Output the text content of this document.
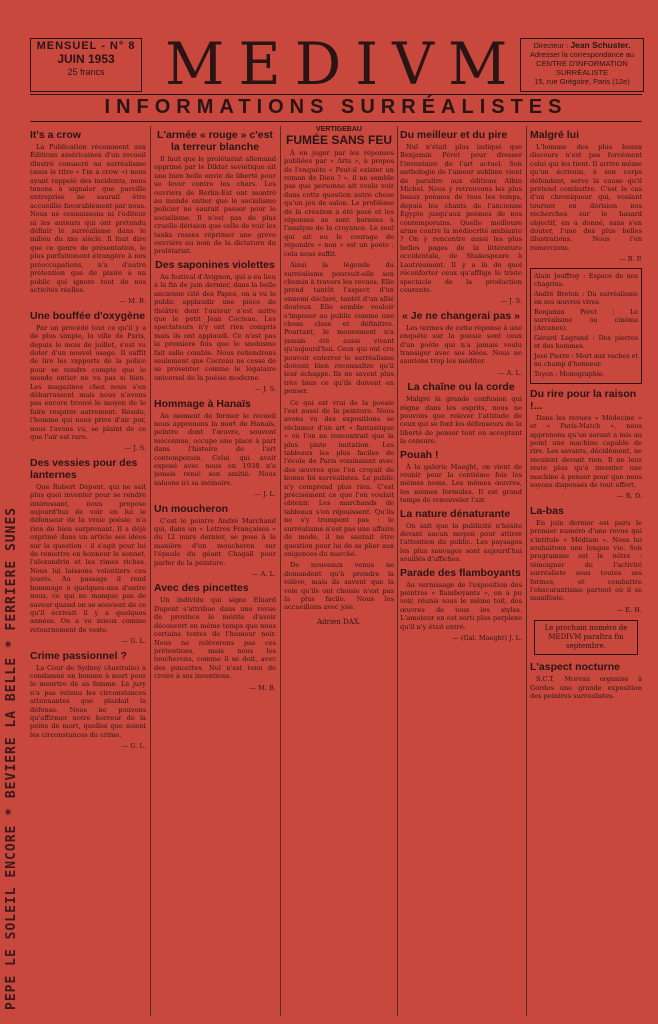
PÉPÉ LE SOLEIL ENCORE * BÉVIÈRE LA BELLE * FERRIÈRE SUNES
MENSUEL - N° 8
JUIN 1953
25 francs	MEDIVM	Directeur : Jean Schuster.
Adresser la correspondance au
CENTRE D'INFORMATION
SURRÉALISTE
15, rue Grégoire, Paris (12e)
INFORMATIONS SURRÉALISTES
It's a crow

La Publication récemment aux Éditions américaines d'un recueil illustré consacré au surréalisme (sous le titre « I'm a crow ») nous ayant rappelé des incidents, nous tenons à signaler que pareille entreprise ne saurait être accueillie favorablement par nous. Nous ne connaissons ni l'éditeur ni les auteurs qui ont prétendu définir le surréalisme dans le milieu du xxe siècle. Il faut dire que ce genre de présentation, le plus parfaitement étrangère à nos préoccupations, n'a d'autre prétention que de plaire à un public qui ignore tout de nos activités réelles.

— M. B.
Une bouffée d'oxygène

Par un procédé tout ce qu'il y a de plus simple, la ville de Paris, depuis le mois de juillet, s'est vu doter d'un nouvel usage. Il suffit de lire les rapports de la police pour se rendre compte que le monde entier ne va pas si bien. Les magazines chez nous s'en débarrassent mais nous n'avons pas encore trouvé le moyen de le faire respirer autrement. Résolu, l'homme qui nous prive d'air pur, nous l'avons vu, se plaint de ce que l'air est rare.

— J. S.
Des vessies pour des lanternes

Que Robert Dépont, qui ne sait plus quoi inventer pour se rendre intéressant, nous propose aujourd'hui de voir en lui le défenseur de la vraie poésie, n'a rien de bien surprenant. Il a déjà exprimé dans un article ses idées sur la question : il s'agit pour lui de remettre en honneur le sonnet, l'alexandrin et les rimes riches. Nous lui laissons volontiers ces jouets. Au passage il rend hommage à quelques-uns d'entre nous, ce qui ne manque pas de saveur quand on se souvient de ce qu'il écrivait il y a quelques années. On a vu mieux comme retournement de veste.

— G. L.
Crime passionnel ?

La Cour de Sydney (Australie) a condamné un homme à mort pour le meurtre de sa femme. Le jury n'a pas retenu les circonstances atténuantes que plaidait la défense. Nous ne pouvons qu'affirmer notre horreur de la peine de mort, quelles que soient les circonstances du crime.

— G. L.
L'armée « rouge » c'est la terreur blanche

Il faut que le prolétariat allemand opprimé par le Diktat soviétique ait une bien belle envie de liberté pour se lever contre les chars. Les ouvriers de Berlin-Est ont montré au monde entier que le socialisme policier ne saurait passer pour le socialisme. Il n'est pas de plus cruelle dérision que celle de voir les tanks russes réprimer une grève ouvrière au nom de la dictature du prolétariat.

Des saponines violettes

Au festival d'Avignon, qui a eu lieu à la fin de juin dernier, dans la belle ancienne cité des Papes, on a vu le public applaudir une pièce de théâtre dont l'auteur n'est autre que le petit Jean Cocteau. Les spectateurs n'y ont rien compris mais ils ont applaudi. Ce n'est pas la première fois que le snobisme fait salle comble. Nous retiendrons seulement que Cocteau ne cesse de se présenter comme le légataire universel de la poésie moderne.

— J. S.
Hommage à Hanaïs

Au moment de fermer le recueil nous apprenons la mort de Hanaïs, peintre dont l'œuvre, souvent méconnue, occupe une place à part dans l'histoire de l'art contemporain. Celui qui avait exposé avec nous en 1938 n'a jamais renié son amitié. Nous saluons ici sa mémoire.

— J. L.
Un moucheron

C'est le peintre André Marchand qui, dans un « Lettres Françaises » du 12 mars dernier, se pose à la manière d'un moucheron sur l'épaule du géant Chagall pour parler de la peinture.

— A. L.
Avec des pincettes

Un individu qui signe Eluard Dupont s'attribue dans une revue de province le mérite d'avoir découvert en même temps que nous certains textes de l'humour noir. Nous ne relèverons pas ces prétentions, mais nous les toucherons, comme il se doit, avec des pincettes. Nul n'est tenu de croire à ses inventions.

— M. B.
VERTIGEBAU
FUMÉE SANS FEU

À en juger par les réponses publiées par « Arts », à propos de l'enquête « Peut-il exister un roman de Dieu ? », il ne semble pas que personne ait voulu voir dans cette question autre chose qu'un jeu de salon. Le problème de la création a été posé et les réponses se sont bornées à l'analyse de la croyance. Le seul qui ait eu le courage de répondre « non » est un poète : cela nous suffit.

Ainsi la légende du surréalisme poursuit-elle son chemin à travers les revues. Elle prend tantôt l'aspect d'un ennemi déclaré, tantôt d'un allié douteux. Elle semble vouloir s'imposer au public comme une chose close et définitive. Pourtant, le mouvement n'a jamais été aussi vivant qu'aujourd'hui. Ceux qui ont cru pouvoir enterrer le surréalisme doivent bien reconnaître qu'il leur échappe. Ils ne savent plus très bien ce qu'ils doivent en penser.

Ce qui est vrai de la poésie l'est aussi de la peinture. Nous avons vu des expositions se réclamer d'un art « fantastique » où l'on ne rencontrait que la plus plate imitation. Les tableaux les plus faciles de l'école de Paris voisinaient avec des œuvres que l'on croyait de bonne foi surréalistes. Le public n'y comprend plus rien. C'est précisément ce que l'on voulait obtenir. Les marchands de tableaux s'en réjouissent. Qu'ils ne s'y trompent pas : le surréalisme n'est pas une affaire de mode, il ne saurait être question pour lui de se plier aux exigences du marché.

De nouveaux venus ne demandent qu'à prendre la relève, mais ils savent que la voie qu'ils ont choisie n'est pas la plus facile. Nous les accueillons avec joie.

Adrien DAX.
Du meilleur et du pire

Nul n'était plus indiqué que Benjamin Péret pour dresser l'inventaire de l'art actuel. Son anthologie de l'amour sublime vient de paraître aux éditions Albin Michel. Nous y retrouvons les plus beaux poèmes de tous les temps, depuis les chants de l'ancienne Égypte jusqu'aux poèmes de nos contemporains. Quelle meilleure arme contre la médiocrité ambiante ? On y rencontre aussi les plus belles pages de la littérature occidentale, de Shakespeare à Lautréamont. Il y a là de quoi réconforter ceux qu'afflige le triste spectacle de la production courante.

— J. S.
« Je ne changerai pas »

Les termes de cette réponse à une enquête sur la poésie sont ceux d'un poète qui n'a jamais voulu transiger avec ses idées. Nous ne saurions trop les méditer.

— A. L.
La chaîne ou la corde

Malgré la grande confusion qui règne dans les esprits, nous ne pouvons que relever l'attitude de ceux qui se font les défenseurs de la liberté de penser tout en acceptant la censure.

Pouah !

À la galerie Maeght, on vient de réunir pour la centième fois les mêmes noms. Les mêmes œuvres, les mêmes formules. Il est grand temps de renouveler l'air.

La nature dénaturante

On sait que la publicité n'hésite devant aucun moyen pour attirer l'attention du public. Les paysages les plus sauvages sont aujourd'hui souillés d'affiches.

Parade des flamboyants

Au vernissage de l'exposition des peintres « flamboyants », on a pu voir, réunis sous le même toit, des œuvres de tous les styles. L'amateur en est sorti plus perplexe qu'il n'y était entré.

— (Gal. Maeght) J. L.
Malgré lui

L'homme des plus beaux discours n'est pas forcément celui qui les tient. Il arrive même qu'un écrivain, à son corps défendant, serve la cause qu'il prétend combattre. C'est le cas d'un chroniqueur qui, voulant tourner en dérision nos recherches sur le hasard objectif, en a donné, sans s'en douter, l'une des plus belles illustrations. Nous l'en remercions.

— B. P.

Alain Jouffroy : Espace de nos chagrins.

André Breton : Du surréalisme en ses œuvres vives.

Benjamin Péret : Le surréalisme au cinéma (Arcanes).

Gérard Legrand : Des pierres et des hommes.

José Pierre : Mort aux vaches et au champ d'honneur.

Toyen : Monographie.

Du rire pour la raison !...

Dans les revues « Médecine » et « Paris-Match », nous apprenons qu'un savant a mis au point une machine capable de rire. Les savants, décidément, ne reculent devant rien. Il ne leur reste plus qu'à inventer une machine à penser pour que nous soyons dispensés de tout effort.

— R. D.
La-bas

En juin dernier est paru le premier numéro d'une revue qui s'intitule « Médium ». Nous lui souhaitons une longue vie. Son programme est le nôtre : témoigner de l'activité surréaliste sous toutes ses formes, et combattre l'obscurantisme partout où il se manifeste.

— E. H.
Le prochain numéro de MEDIVM paraîtra fin septembre.
L'aspect nocturne

S.C.T. Morvan organise à Gordes une grande exposition des peintres surréalistes.
